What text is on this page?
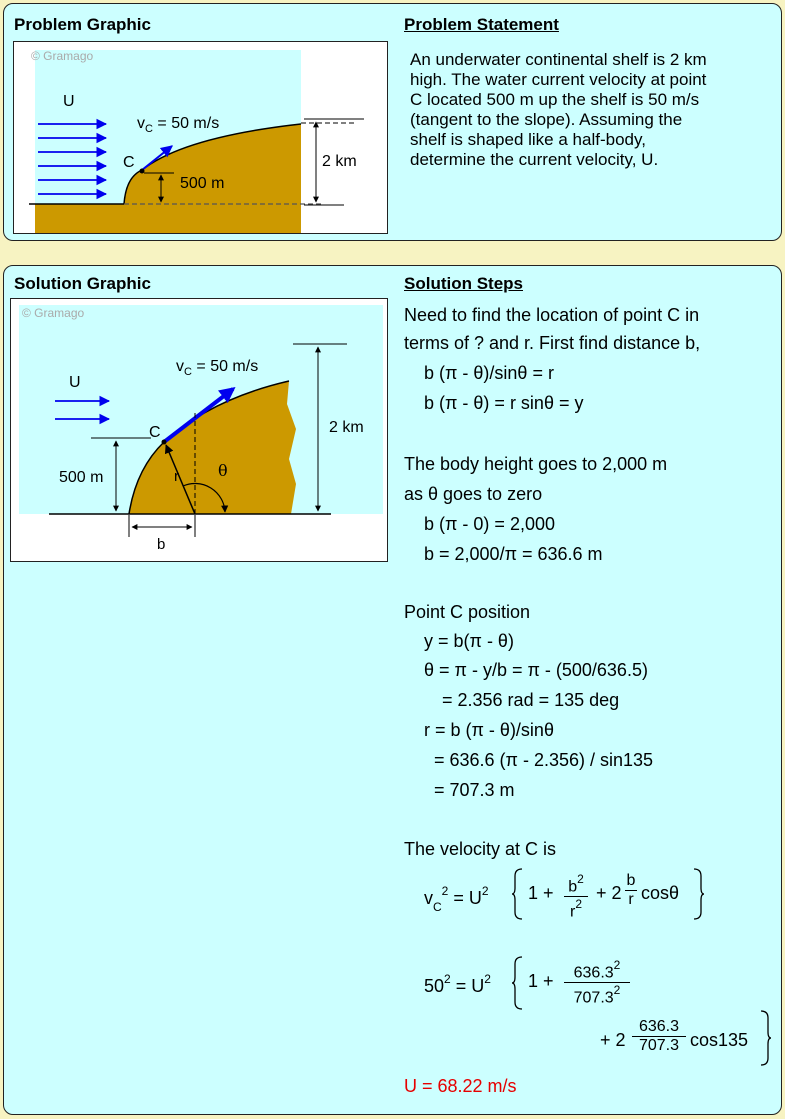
Problem Graphic	Problem Statement
© Gramago
U
$v_C = 50$ m/s
C
500 m
2 km
An underwater continental shelf is 2 km
high. The water current velocity at point
C located 500 m up the shelf is 50 m/s
(tangent to the slope). Assuming the
shelf is shaped like a half-body,
determine the current velocity, U.
Solution Graphic	Solution Steps
© Gramago
U
$v_C = 50$ m/s
C
r θ
500 m
2 km
b
Need to find the location of point C in
terms of ? and r. First find distance b,
b (π - θ)/sinθ = r
b (π - θ) = r sinθ = y
The body height goes to 2,000 m
as θ goes to zero
b (π - 0) = 2,000
b = 2,000/π = 636.6 m
Point C position
y = b(π - θ)
θ = π - y/b = π - (500/636.5)
= 2.356 rad = 135 deg
r = b (π - θ)/sinθ
= 636.6 (π - 2.356) / sin135
= 707.3 m
The velocity at C is
$v_C^2 = U^2$ $1 + \frac{b^2}{r^2} + 2 \frac{b}{r}$ cosθ
$50^2 = U^2$ $1 + \frac{636.3^2}{707.3^2}$
+ $2 \frac{636.3}{707.3} \cos 135$
U = 68.22 m/s
